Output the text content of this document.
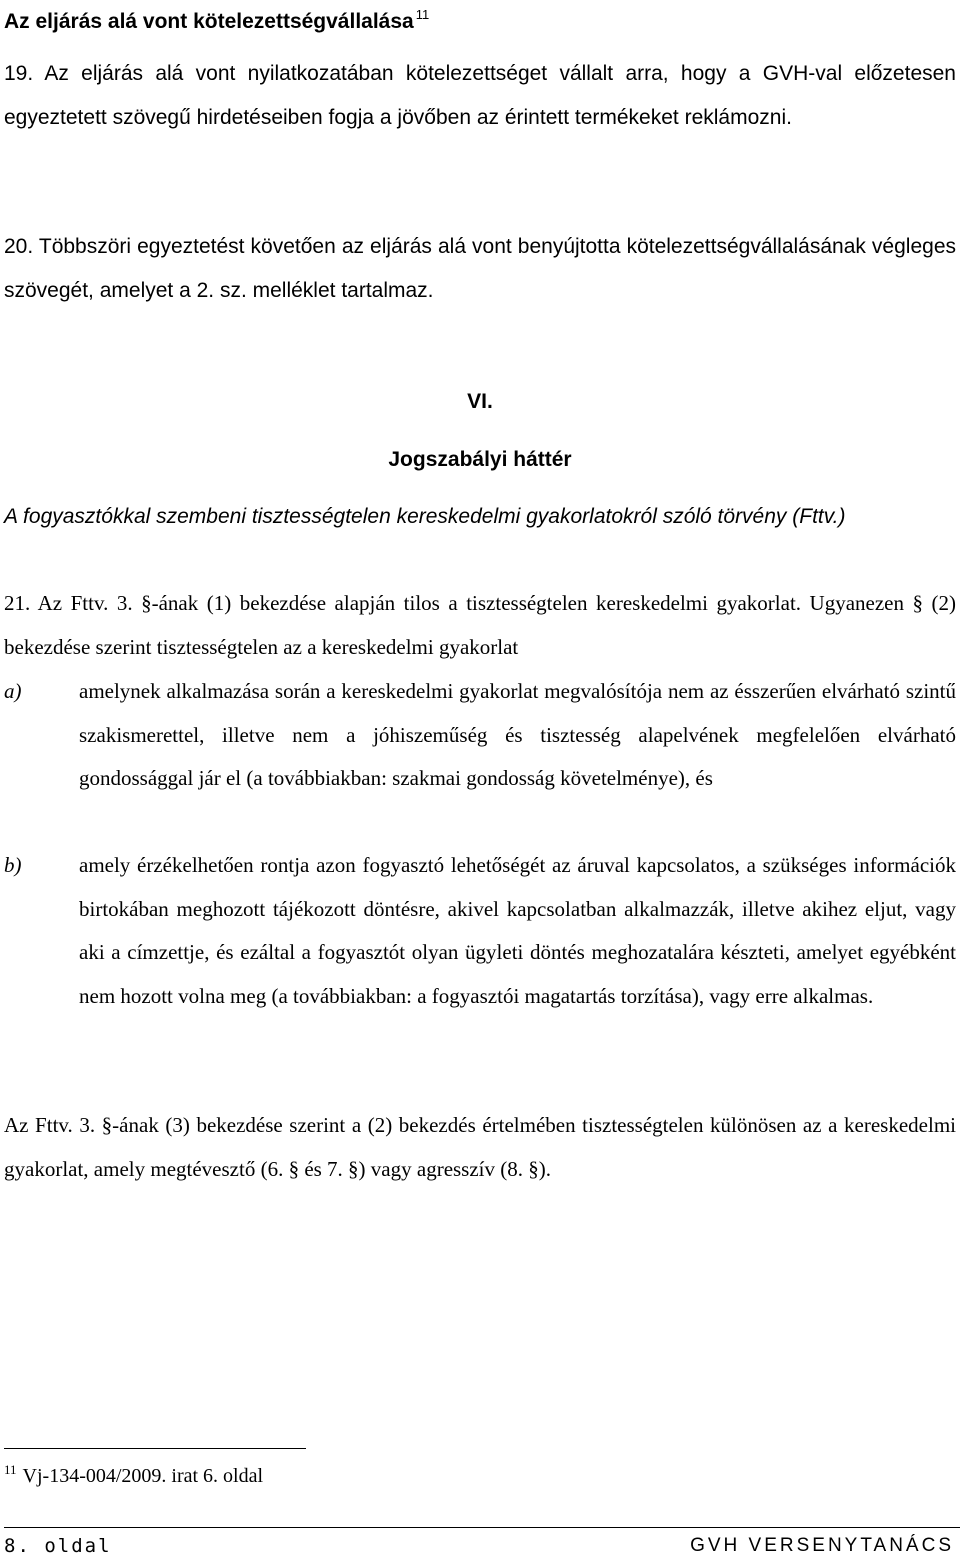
Az eljárás alá vont kötelezettségvállalása $^{11}$
19. Az eljárás alá vont nyilatkozatában kötelezettséget vállalt arra, hogy a GVH-val előzetesen egyeztetett szövegű hirdetéseiben fogja a jövőben az érintett termékeket reklámozni.
20. Többszöri egyeztetést követően az eljárás alá vont benyújtotta kötelezettségvállalásának végleges szövegét, amelyet a 2. sz. melléklet tartalmaz.
VI.
Jogszabályi háttér
A fogyasztókkal szembeni tisztességtelen kereskedelmi gyakorlatokról szóló törvény (Fttv.)
21. Az Fttv. 3. §-ának (1) bekezdése alapján tilos a tisztességtelen kereskedelmi gyakorlat. Ugyanezen § (2) bekezdése szerint tisztességtelen az a kereskedelmi gyakorlat
a)	amelynek alkalmazása során a kereskedelmi gyakorlat megvalósítója nem az ésszerűen elvárható szintű szakismerettel, illetve nem a jóhiszeműség és tisztesség alapelvének megfelelően elvárható gondossággal jár el (a továbbiakban: szakmai gondosság követelménye), és
b)	amely érzékelhetően rontja azon fogyasztó lehetőségét az áruval kapcsolatos, a szükséges információk birtokában meghozott tájékozott döntésre, akivel kapcsolatban alkalmazzák, illetve akihez eljut, vagy aki a címzettje, és ezáltal a fogyasztót olyan ügyleti döntés meghozatalára készteti, amelyet egyébként nem hozott volna meg (a továbbiakban: a fogyasztói magatartás torzítása), vagy erre alkalmas.
Az Fttv. 3. §-ának (3) bekezdése szerint a (2) bekezdés értelmében tisztességtelen különösen az a kereskedelmi gyakorlat, amely megtévesztő (6. § és 7. §) vagy agresszív (8. §).
$^{11}$ Vj-134-004/2009. irat 6. oldal
8. oldal	GVH VERSENYTANÁCS
